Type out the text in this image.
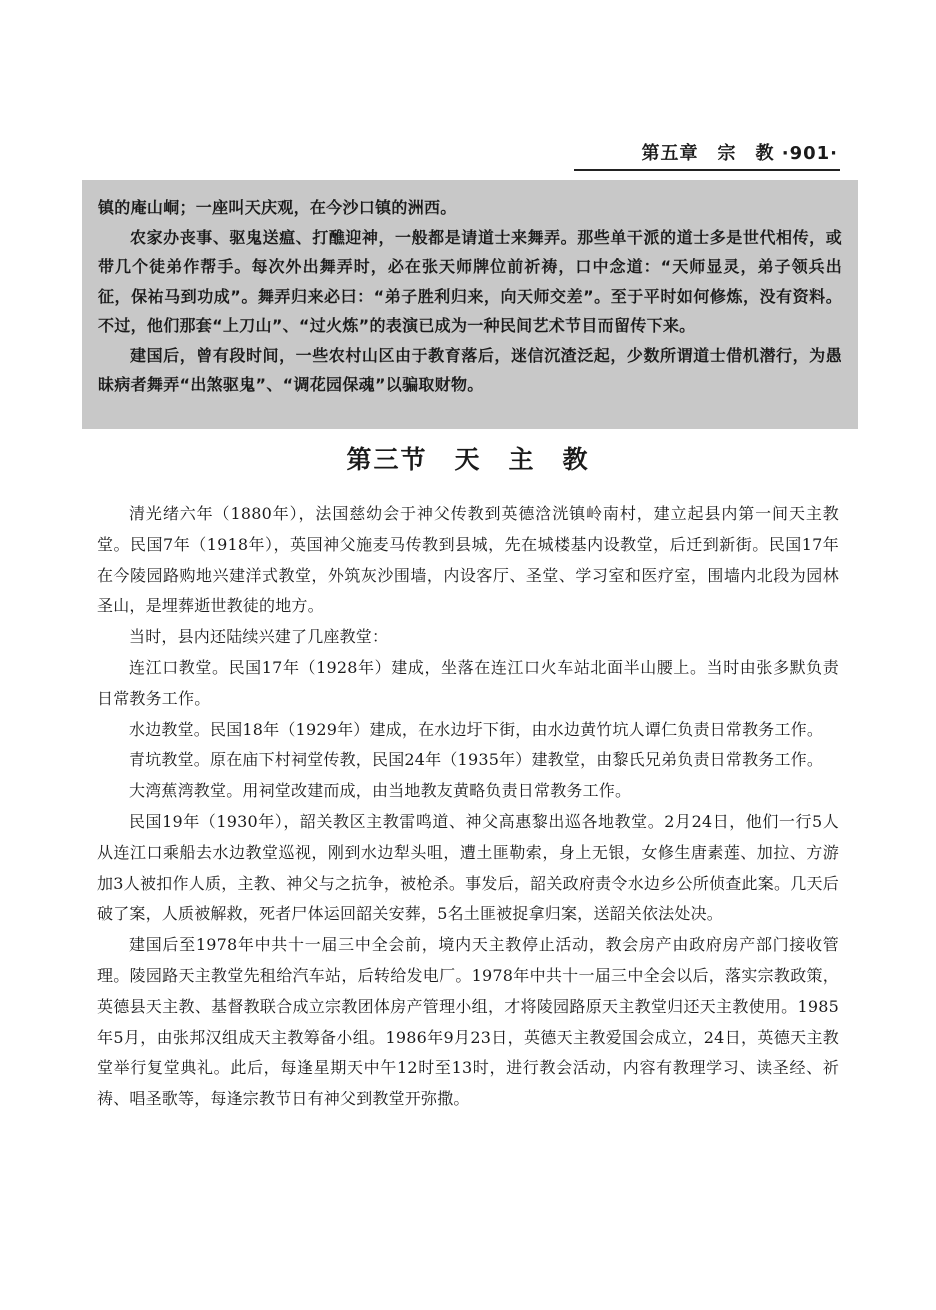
第五章　宗　教 ·901·

镇的庵山峒；一座叫天庆观，在今沙口镇的洲西。

农家办丧事、驱鬼送瘟、打醮迎神，一般都是请道士来舞弄。那些单干派的道士多是世代相传，或带几个徒弟作帮手。每次外出舞弄时，必在张天师牌位前祈祷，口中念道：“天师显灵，弟子领兵出征，保祐马到功成”。舞弄归来必曰：“弟子胜利归来，向天师交差”。至于平时如何修炼，没有资料。不过，他们那套“上刀山”、“过火炼”的表演已成为一种民间艺术节目而留传下来。

建国后，曾有段时间，一些农村山区由于教育落后，迷信沉渣泛起，少数所谓道士借机潜行，为愚昧病者舞弄“出煞驱鬼”、“调花园保魂”以骗取财物。

第三节　天　主　教

清光绪六年（1880年），法国慈幼会于神父传教到英德浛洸镇岭南村，建立起县内第一间天主教堂。民国7年（1918年），英国神父施麦马传教到县城，先在城楼基内设教堂，后迁到新街。民国17年在今陵园路购地兴建洋式教堂，外筑灰沙围墙，内设客厅、圣堂、学习室和医疗室，围墙内北段为园林圣山，是埋葬逝世教徒的地方。

当时，县内还陆续兴建了几座教堂：

连江口教堂。民国17年（1928年）建成，坐落在连江口火车站北面半山腰上。当时由张多默负责日常教务工作。

水边教堂。民国18年（1929年）建成，在水边圩下街，由水边黄竹坑人谭仁负责日常教务工作。

青坑教堂。原在庙下村祠堂传教，民国24年（1935年）建教堂，由黎氏兄弟负责日常教务工作。

大湾蕉湾教堂。用祠堂改建而成，由当地教友黄略负责日常教务工作。

民国19年（1930年），韶关教区主教雷鸣道、神父高惠黎出巡各地教堂。2月24日，他们一行5人从连江口乘船去水边教堂巡视，刚到水边犁头咀，遭土匪勒索，身上无银，女修生唐素莲、加拉、方游加3人被扣作人质，主教、神父与之抗争，被枪杀。事发后，韶关政府责令水边乡公所侦查此案。几天后破了案，人质被解救，死者尸体运回韶关安葬，5名土匪被捉拿归案，送韶关依法处决。

建国后至1978年中共十一届三中全会前，境内天主教停止活动，教会房产由政府房产部门接收管理。陵园路天主教堂先租给汽车站，后转给发电厂。1978年中共十一届三中全会以后，落实宗教政策，英德县天主教、基督教联合成立宗教团体房产管理小组，才将陵园路原天主教堂归还天主教使用。1985年5月，由张邦汉组成天主教筹备小组。1986年9月23日，英德天主教爱国会成立，24日，英德天主教堂举行复堂典礼。此后，每逢星期天中午12时至13时，进行教会活动，内容有教理学习、读圣经、祈祷、唱圣歌等，每逢宗教节日有神父到教堂开弥撒。
